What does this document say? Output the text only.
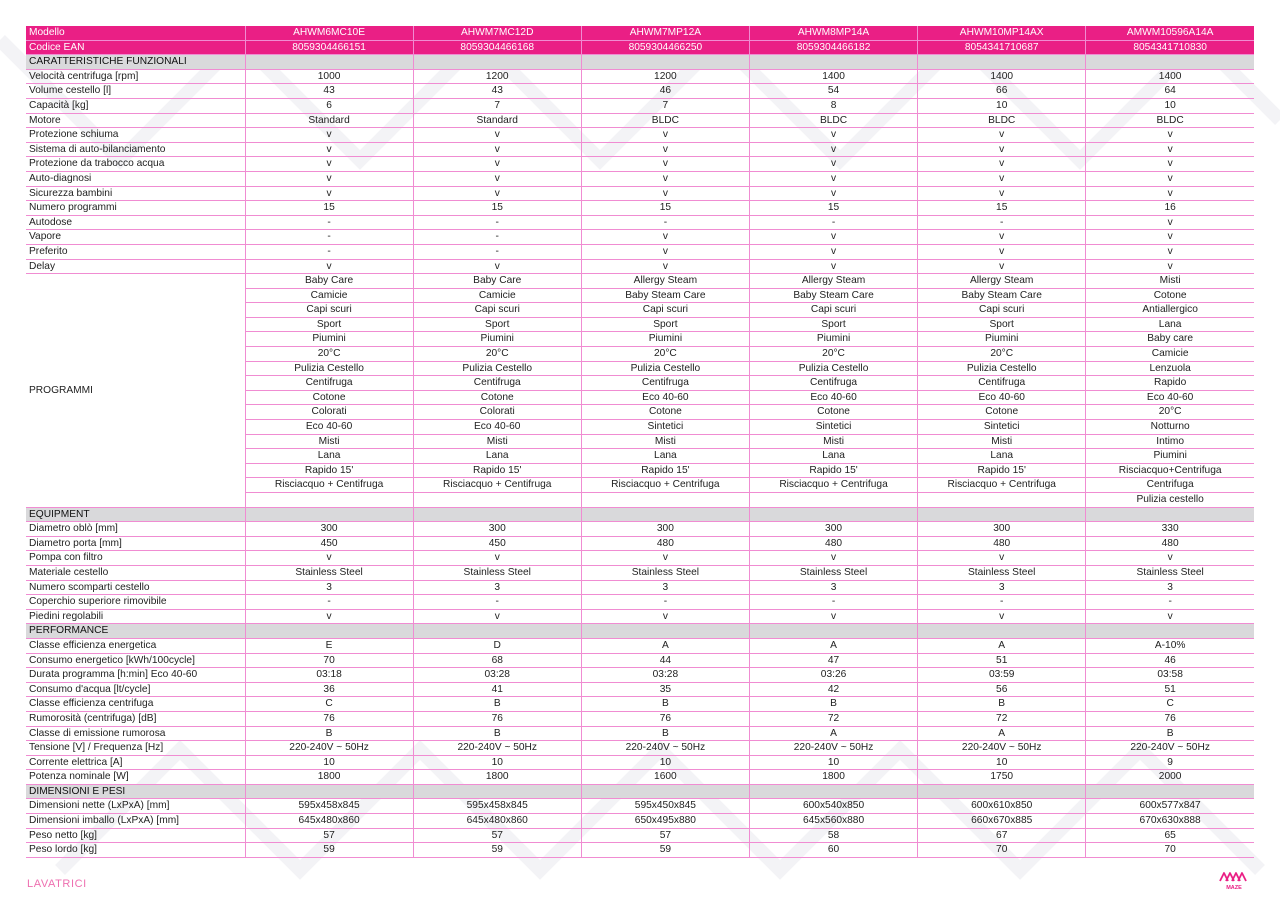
Modello	AHWM6MC10E	AHWM7MC12D	AHWM7MP12A	AHWM8MP14A	AHWM10MP14AX	AMWM10596A14A
Codice EAN	8059304466151	8059304466168	8059304466250	8059304466182	8054341710687	8054341710830
CARATTERISTICHE FUNZIONALI						
Velocità centrifuga [rpm]	1000	1200	1200	1400	1400	1400
Volume cestello [l]	43	43	46	54	66	64
Capacità [kg]	6	7	7	8	10	10
Motore	Standard	Standard	BLDC	BLDC	BLDC	BLDC
Protezione schiuma	v	v	v	v	v	v
Sistema di auto-bilanciamento	v	v	v	v	v	v
Protezione da trabocco acqua	v	v	v	v	v	v
Auto-diagnosi	v	v	v	v	v	v
Sicurezza bambini	v	v	v	v	v	v
Numero programmi	15	15	15	15	15	16
Autodose	-	-	-	-	-	v
Vapore	-	-	v	v	v	v
Preferito	-	-	v	v	v	v
Delay	v	v	v	v	v	v
PROGRAMMI	Baby Care	Baby Care	Allergy Steam	Allergy Steam	Allergy Steam	Misti
	Camicie	Camicie	Baby Steam Care	Baby Steam Care	Baby Steam Care	Cotone
	Capi scuri	Capi scuri	Capi scuri	Capi scuri	Capi scuri	Antiallergico
	Sport	Sport	Sport	Sport	Sport	Lana
	Piumini	Piumini	Piumini	Piumini	Piumini	Baby care
	20°C	20°C	20°C	20°C	20°C	Camicie
	Pulizia Cestello	Pulizia Cestello	Pulizia Cestello	Pulizia Cestello	Pulizia Cestello	Lenzuola
	Centifruga	Centifruga	Centifruga	Centifruga	Centifruga	Rapido
	Cotone	Cotone	Eco 40-60	Eco 40-60	Eco 40-60	Eco 40-60
	Colorati	Colorati	Cotone	Cotone	Cotone	20°C
	Eco 40-60	Eco 40-60	Sintetici	Sintetici	Sintetici	Notturno
	Misti	Misti	Misti	Misti	Misti	Intimo
	Lana	Lana	Lana	Lana	Lana	Piumini
	Rapido 15'	Rapido 15'	Rapido 15'	Rapido 15'	Rapido 15'	Risciacquo+Centrifuga
	Risciacquo + Centifruga	Risciacquo + Centifruga	Risciacquo + Centrifuga	Risciacquo + Centrifuga	Risciacquo + Centrifuga	Centrifuga
						Pulizia cestello
EQUIPMENT						
Diametro oblò [mm]	300	300	300	300	300	330
Diametro porta [mm]	450	450	480	480	480	480
Pompa con filtro	v	v	v	v	v	v
Materiale cestello	Stainless Steel	Stainless Steel	Stainless Steel	Stainless Steel	Stainless Steel	Stainless Steel
Numero scomparti cestello	3	3	3	3	3	3
Coperchio superiore rimovibile	-	-	-	-	-	-
Piedini regolabili	v	v	v	v	v	v
PERFORMANCE						
Classe efficienza energetica	E	D	A	A	A	A-10%
Consumo energetico [kWh/100cycle]	70	68	44	47	51	46
Durata programma [h:min] Eco 40-60	03:18	03:28	03:28	03:26	03:59	03:58
Consumo d'acqua [lt/cycle]	36	41	35	42	56	51
Classe efficienza centrifuga	C	B	B	B	B	C
Rumorosità (centrifuga) [dB]	76	76	76	72	72	76
Classe di emissione rumorosa	B	B	B	A	A	B
Tensione [V] / Frequenza [Hz]	220-240V ~ 50Hz	220-240V ~ 50Hz	220-240V ~ 50Hz	220-240V ~ 50Hz	220-240V ~ 50Hz	220-240V ~ 50Hz
Corrente elettrica [A]	10	10	10	10	10	9
Potenza nominale [W]	1800	1800	1600	1800	1750	2000
DIMENSIONI E PESI						
Dimensioni nette (LxPxA) [mm]	595x458x845	595x458x845	595x450x845	600x540x850	600x610x850	600x577x847
Dimensioni imballo (LxPxA) [mm]	645x480x860	645x480x860	650x495x880	645x560x880	660x670x885	670x630x888
Peso netto [kg]	57	57	57	58	67	65
Peso lordo [kg]	59	59	59	60	70	70
LAVATRICI	MAZE
